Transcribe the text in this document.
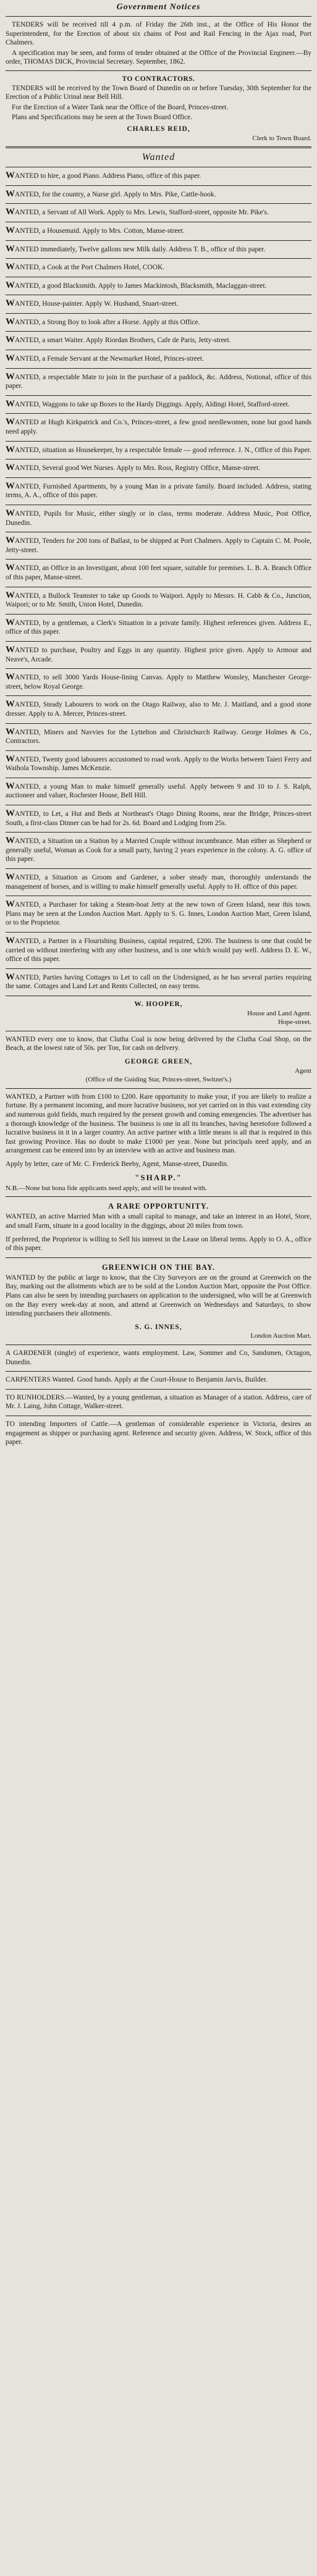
Government Notices

TENDERS will be received till 4 p.m. of Friday the 26th inst., at the Office of His Honor the Superintendent, for the Erection of about six chains of Post and Rail Fencing in the Ajax road, Port Chalmers.

A specification may be seen, and forms of tender obtained at the Office of the Provincial Engineer.—By order, THOMAS DICK, Provincial Secretary. September, 1862.

TO CONTRACTORS.

TENDERS will be received by the Town Board of Dunedin on or before Tuesday, 30th September for the Erection of a Public Urinal near Bell Hill.

For the Erection of a Water Tank near the Office of the Board, Princes-street.

Plans and Specifications may be seen at the Town Board Office.

CHARLES REID,
Clerk to Town Board.
Wanted
WANTED to hire, a good Piano. Address Piano, office of this paper.
WANTED, for the country, a Nurse girl. Apply to Mrs. Pike, Cattle-hook.
WANTED, a Servant of All Work. Apply to Mrs. Lewis, Stafford-street, opposite Mr. Pike's.
WANTED, a Housemaid. Apply to Mrs. Cotton, Manse-street.
WANTED immediately, Twelve gallons new Milk daily. Address T. B., office of this paper.
WANTED, a Cook at the Port Chalmers Hotel, COOK.
WANTED, a good Blacksmith. Apply to James Mackintosh, Blacksmith, Maclaggan-street.
WANTED, House-painter. Apply W. Husband, Stuart-street.
WANTED, a Strong Boy to look after a Horse. Apply at this Office.
WANTED, a smart Waiter. Apply Riordan Brothers, Cafe de Paris, Jetty-street.
WANTED, a Female Servant at the Newmarket Hotel, Princes-street.
WANTED, a respectable Mate to join in the purchase of a paddock, &c. Address, Notional, office of this paper.
WANTED, Waggons to take up Boxes to the Hardy Diggings. Apply, Aldingi Hotel, Stafford-street.
WANTED at Hugh Kirkpatrick and Co.'s, Princes-street, a few good needlewomen, none but good hands need apply.
WANTED, situation as Housekeeper, by a respectable female — good reference. J. N., Office of this Paper.
WANTED, Several good Wet Nurses. Apply to Mrs. Ross, Registry Office, Manse-street.
WANTED, Furnished Apartments, by a young Man in a private family. Board included. Address, stating terms, A. A., office of this paper.
WANTED, Pupils for Music, either singly or in class, terms moderate. Address Music, Post Office, Dunedin.
WANTED, Tenders for 200 tons of Ballast, to be shipped at Port Chalmers. Apply to Captain C. M. Poole, Jetty-street.
WANTED, an Office in an Investigant, about 100 feet square, suitable for premises. L. B. A. Branch Office of this paper, Manse-street.
WANTED, a Bullock Teamster to take up Goods to Waipori. Apply to Messrs. H. Cabb & Co., Junction, Waipori; or to Mr. Smith, Union Hotel, Dunedin.
WANTED, by a gentleman, a Clerk's Situation in a private family. Highest references given. Address E., office of this paper.
WANTED to purchase, Poultry and Eggs in any quantity. Highest price given. Apply to Armour and Neave's, Arcade.
WANTED, to sell 3000 Yards House-lining Canvas. Apply to Matthew Wonsley, Manchester George-street, below Royal George.
WANTED, Steady Labourers to work on the Otago Railway, also to Mr. J. Maitland, and a good stone dresser. Apply to A. Mercer, Princes-street.
WANTED, Miners and Navvies for the Lyttelton and Christchurch Railway. George Holmes & Co., Contractors.
WANTED, Twenty good labourers accustomed to road work. Apply to the Works between Taieri Ferry and Waihola Township. James McKenzie.
WANTED, a young Man to make himself generally useful. Apply between 9 and 10 to J. S. Ralph, auctioneer and valuer, Rochester House, Bell Hill.
WANTED, to Let, a Hut and Beds at Northeast's Otago Dining Rooms, near the Bridge, Princes-street South, a first-class Dinner can be had for 2s. 6d. Board and Lodging from 25s.
WANTED, a Situation on a Station by a Married Couple without incumbrance. Man either as Shepherd or generally useful, Woman as Cook for a small party, having 2 years experience in the colony. A. G. office of this paper.
WANTED, a Situation as Groom and Gardener, a sober steady man, thoroughly understands the management of horses, and is willing to make himself generally useful. Apply to H. office of this paper.
WANTED, a Purchaser for taking a Steam-boat Jetty at the new town of Green Island, near this town. Plans may be seen at the London Auction Mart. Apply to S. G. Innes, London Auction Mart, Green Island, or to the Proprietor.
WANTED, a Partner in a Flourishing Business, capital required, £200. The business is one that could be carried on without interfering with any other business, and is one which would pay well. Address D. E. W., office of this paper.
WANTED, Parties having Cottages to Let to call on the Undersigned, as he has several parties requiring the same. Cottages and Land Let and Rents Collected, on easy terms.
W. HOOPER,
House and Land Agent.
Hope-street.
WANTED every one to know, that Clutha Coal is now being delivered by the Clutha Coal Shop, on the Beach, at the lowest rate of 50s. per Ton, for cash on delivery.
GEORGE GREEN,
Agent
(Office of the Guiding Star, Princes-street, Switzer's.)
WANTED, a Partner with from £100 to £200. Rare opportunity to make your, if you are likely to realize a fortune. By a permanent incoming, and more lucrative business, not yet carried on in this vast extending city and numerous gold fields, much required by the present growth and coming emergencies. The advertiser has a thorough knowledge of the business. The business is one in all its branches, having heretofore followed a lucrative business in it in a larger country. An active partner with a little means is all that is required in this fast growing Province. Has no doubt to make £1000 per year. None but principals need apply, and an arrangement can be entered into by an interview with an active and business man.
Apply by letter, care of Mr. C. Frederick Beeby, Agent, Manse-street, Dunedin.
"SHARP."
N.B.—None but bona fide applicants need apply, and will be treated with.
A RARE OPPORTUNITY.
WANTED, an active Married Man with a small capital to manage, and take an interest in an Hotel, Store, and small Farm, situate in a good locality in the diggings, about 20 miles from town.
If preferred, the Proprietor is willing to Sell his interest in the Lease on liberal terms. Apply to O. A., office of this paper.
GREENWICH ON THE BAY.
WANTED by the public at large to know, that the City Surveyors are on the ground at Greenwich on the Bay, marking out the allotments which are to be sold at the London Auction Mart, opposite the Post Office. Plans can also be seen by intending purchasers on application to the undersigned, who will be at Greenwich on the Bay every week-day at noon, and attend at Greenwich on Wednesdays and Saturdays, to show intending purchasers their allotments.
S. G. INNES,
London Auction Mart.
A GARDENER (single) of experience, wants employment. Law, Sommer and Co, Sandsmen, Octagon, Dunedin.
CARPENTERS Wanted. Good hands. Apply at the Court-House to Benjamin Jarvis, Builder.
TO RUNHOLDERS.—Wanted, by a young gentleman, a situation as Manager of a station. Address, care of Mr. J. Laing, John Cottage, Walker-street.
TO intending Importers of Cattle.—A gentleman of considerable experience in Victoria, desires an engagement as shipper or purchasing agent. Reference and security given. Address, W. Stock, office of this paper.
